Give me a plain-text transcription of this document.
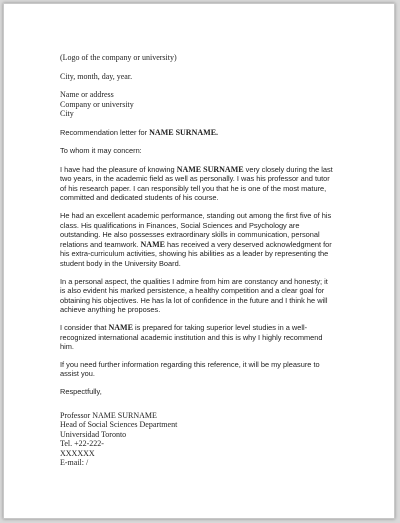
(Logo of the company or university)

City, month, day, year.

Name or address
Company or university
City

Recommendation letter for NAME SURNAME.

To whom it may concern:

I have had the pleasure of knowing NAME SURNAME very closely during the last
two years, in the academic field as well as personally. I was his professor and tutor
of his research paper. I can responsibly tell you that he is one of the most mature,
committed and dedicated students of his course.
He had an excellent academic performance, standing out among the first five of his
class. His qualifications in Finances, Social Sciences and Psychology are
outstanding. He also possesses extraordinary skills in communication, personal
relations and teamwork. NAME has received a very deserved acknowledgment for
his extra-curriculum activities, showing his abilities as a leader by representing the
student body in the University Board.
In a personal aspect, the qualities I admire from him are constancy and honesty; it
is also evident his marked persistence, a healthy competition and a clear goal for
obtaining his objectives. He has la lot of confidence in the future and I think he will
achieve anything he proposes.
I consider that NAME is prepared for taking superior level studies in a well-
recognized international academic institution and this is why I highly recommend
him.
If you need further information regarding this reference, it will be my pleasure to
assist you.

Respectfully,

Professor NAME SURNAME
Head of Social Sciences Department
Universidad Toronto
Tel. +22-222-
XXXXXX
E-mail: /
